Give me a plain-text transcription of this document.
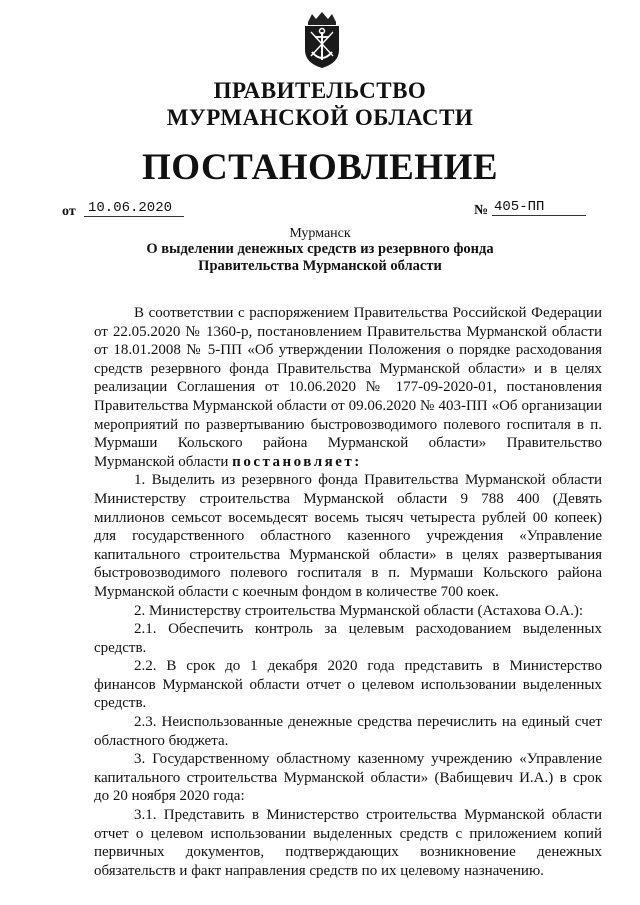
ПРАВИТЕЛЬСТВО
МУРМАНСКОЙ ОБЛАСТИ
ПОСТАНОВЛЕНИЕ
от 10.06.2020	№ 405-ПП
Мурманск
О выделении денежных средств из резервного фонда
Правительства Мурманской области

В соответствии с распоряжением Правительства Российской Федерации от 22.05.2020 № 1360-р, постановлением Правительства Мурманской области от 18.01.2008 № 5-ПП «Об утверждении Положения о порядке расходования средств резервного фонда Правительства Мурманской области» и в целях реализации Соглашения от 10.06.2020 № 177-09-2020-01, постановления Правительства Мурманской области от 09.06.2020 № 403-ПП «Об организации мероприятий по развертыванию быстровозводимого полевого госпиталя в п. Мурмаши Кольского района Мурманской области» Правительство Мурманской области постановляет:

1. Выделить из резервного фонда Правительства Мурманской области Министерству строительства Мурманской области 9 788 400 (Девять миллионов семьсот восемьдесят восемь тысяч четыреста рублей 00 копеек) для государственного областного казенного учреждения «Управление капитального строительства Мурманской области» в целях развертывания быстровозводимого полевого госпиталя в п. Мурмаши Кольского района Мурманской области с коечным фондом в количестве 700 коек.

2. Министерству строительства Мурманской области (Астахова О.А.):

2.1. Обеспечить контроль за целевым расходованием выделенных средств.

2.2. В срок до 1 декабря 2020 года представить в Министерство финансов Мурманской области отчет о целевом использовании выделенных средств.

2.3. Неиспользованные денежные средства перечислить на единый счет областного бюджета.

3. Государственному областному казенному учреждению «Управление капитального строительства Мурманской области» (Вабищевич И.А.) в срок до 20 ноября 2020 года:

3.1. Представить в Министерство строительства Мурманской области отчет о целевом использовании выделенных средств с приложением копий первичных документов, подтверждающих возникновение денежных обязательств и факт направления средств по их целевому назначению.
